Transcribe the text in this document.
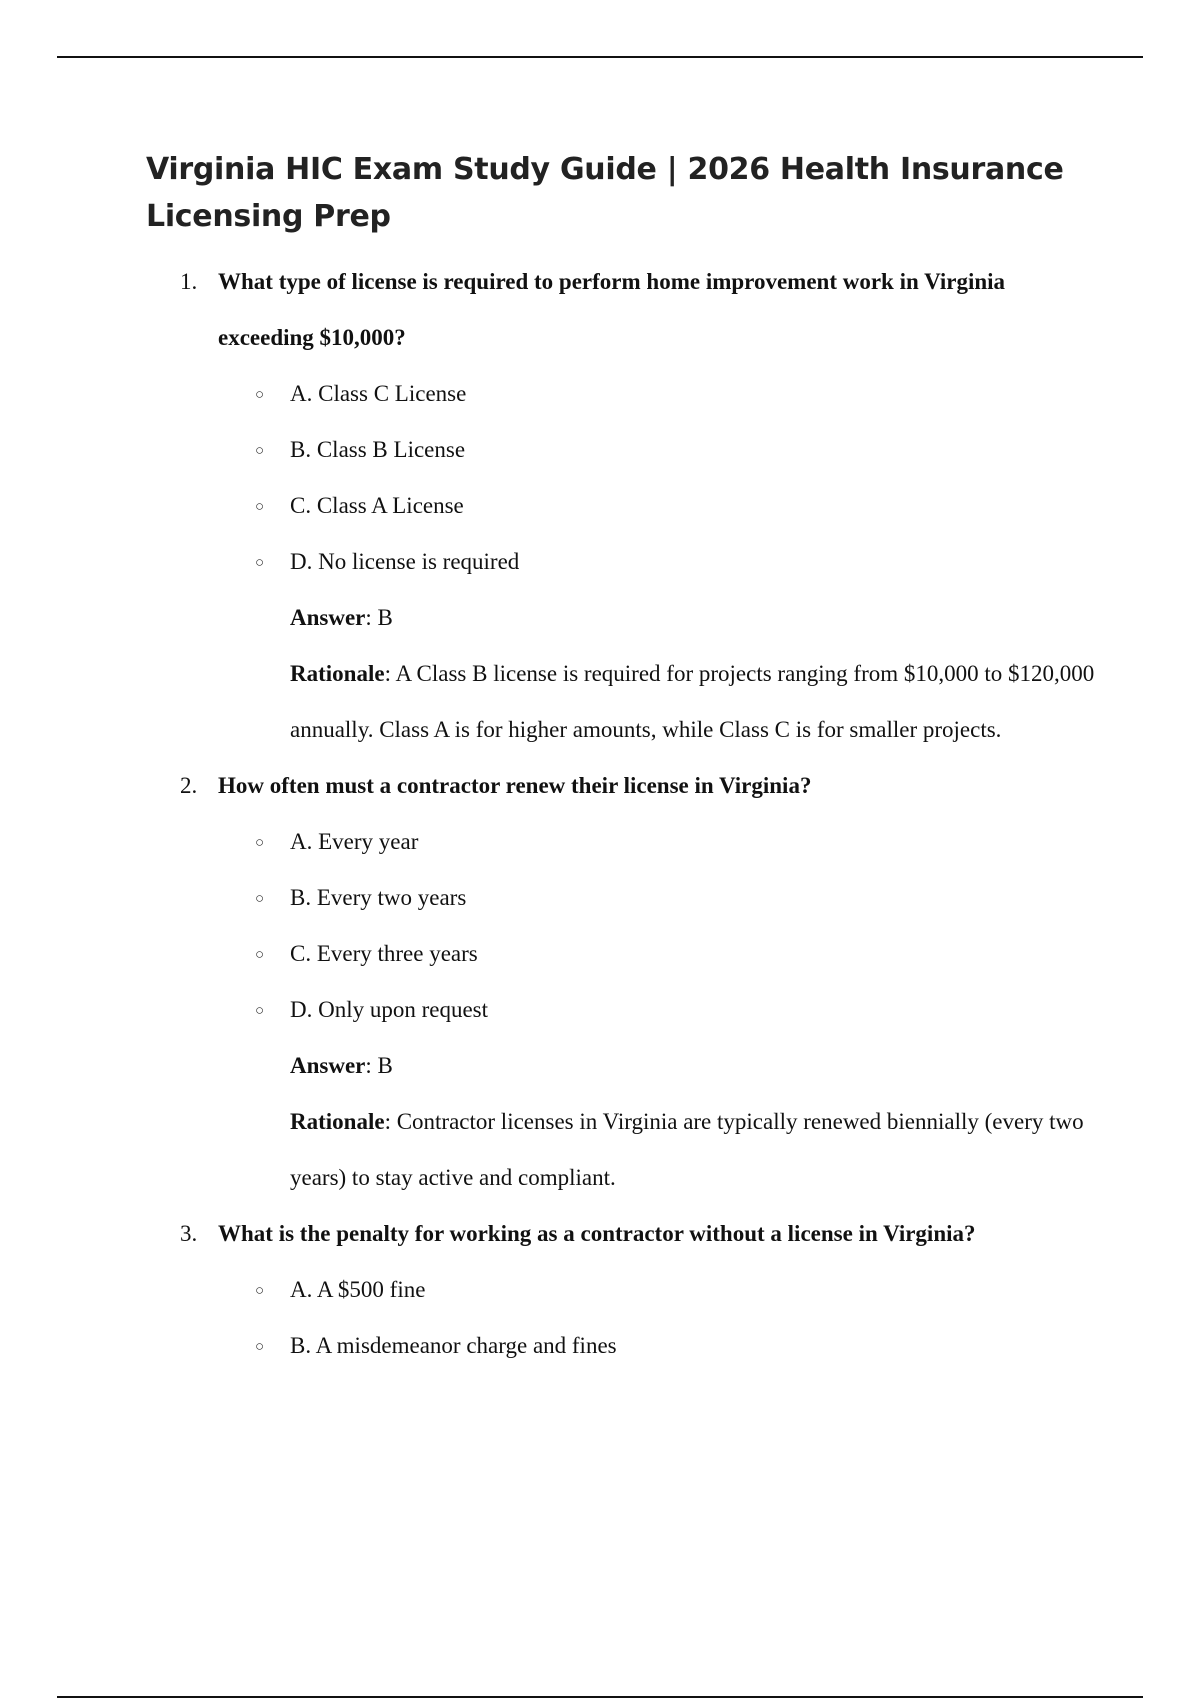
Virginia HIC Exam Study Guide | 2026 Health Insurance Licensing Prep
1. What type of license is required to perform home improvement work in Virginia exceeding $10,000?

○ A. Class C License
○ B. Class B License
○ C. Class A License
○ D. No license is required

Answer: B

Rationale: A Class B license is required for projects ranging from $10,000 to $120,000 annually. Class A is for higher amounts, while Class C is for smaller projects.

2. How often must a contractor renew their license in Virginia?

○ A. Every year
○ B. Every two years
○ C. Every three years
○ D. Only upon request

Answer: B

Rationale: Contractor licenses in Virginia are typically renewed biennially (every two years) to stay active and compliant.

3. What is the penalty for working as a contractor without a license in Virginia?

○ A. A $500 fine
○ B. A misdemeanor charge and fines
